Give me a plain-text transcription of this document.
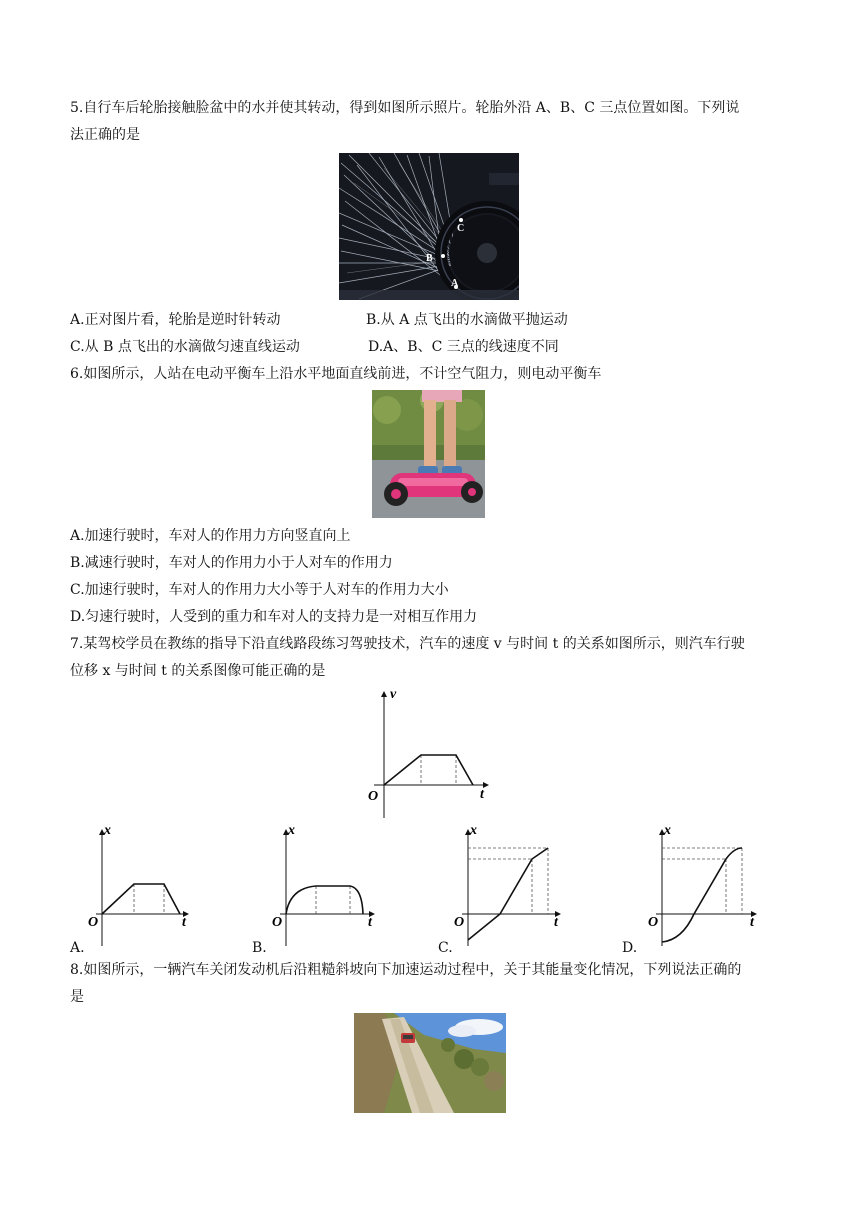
5.自行车后轮胎接触脸盆中的水并使其转动，得到如图所示照片。轮胎外沿 A、B、C 三点位置如图。下列说
法正确的是
C
B
A
A.正对图片看，轮胎是逆时针转动	B.从 A 点飞出的水滴做平抛运动
C.从 B 点飞出的水滴做匀速直线运动	D.A、B、C 三点的线速度不同
6.如图所示，人站在电动平衡车上沿水平地面直线前进，不计空气阻力，则电动平衡车
A.加速行驶时，车对人的作用力方向竖直向上
B.减速行驶时，车对人的作用力小于人对车的作用力
C.加速行驶时，车对人的作用力大小等于人对车的作用力大小
D.匀速行驶时，人受到的重力和车对人的支持力是一对相互作用力
7.某驾校学员在教练的指导下沿直线路段练习驾驶技术，汽车的速度 v 与时间 t 的关系如图所示，则汽车行驶
位移 x 与时间 t 的关系图像可能正确的是
v
t
O
x
t
O
A.
x
t
O
B.
x
t
O
C.
x
t
O
D.
8.如图所示，一辆汽车关闭发动机后沿粗糙斜坡向下加速运动过程中，关于其能量变化情况，下列说法正确的
是
